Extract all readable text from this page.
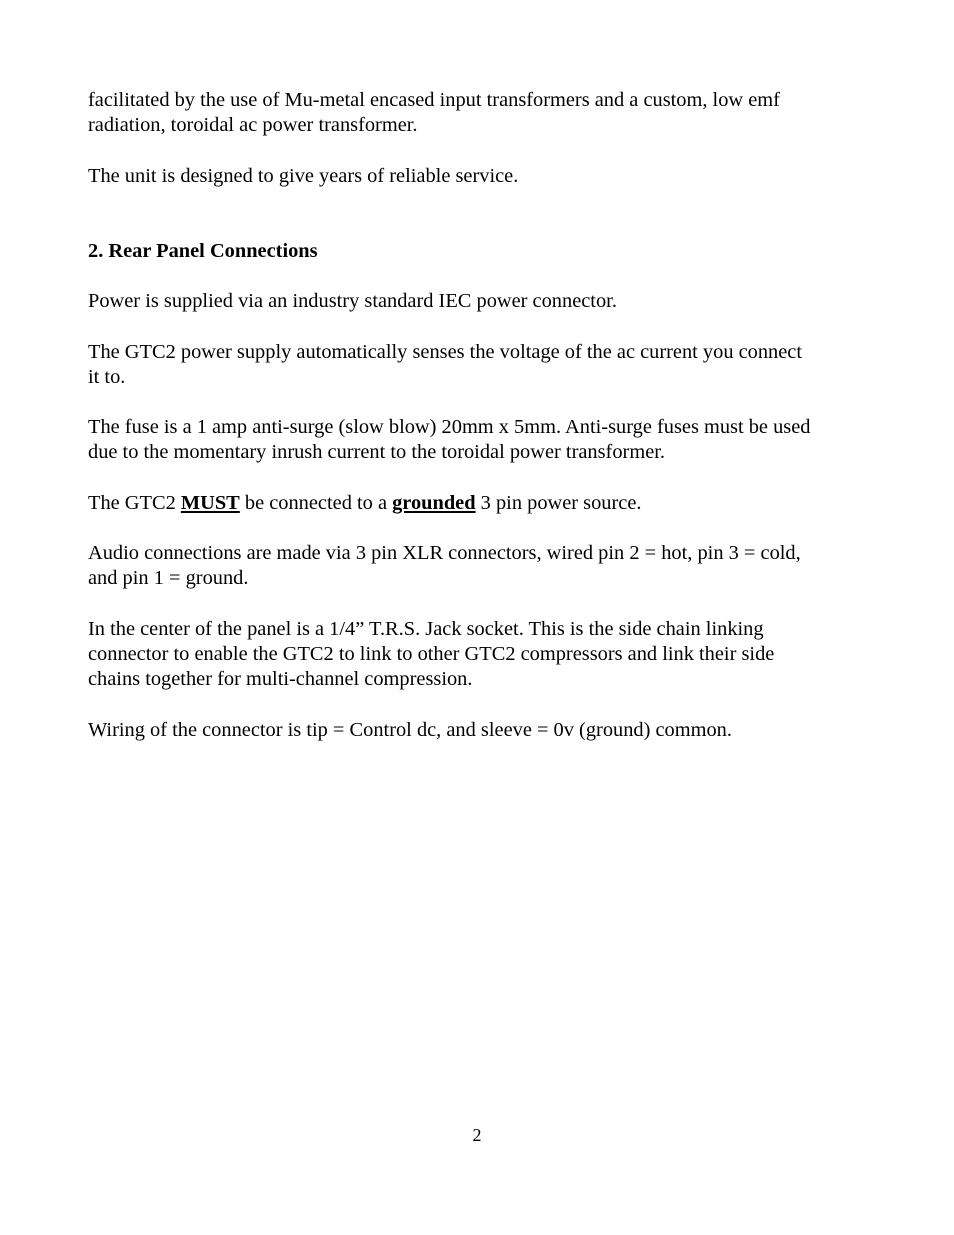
facilitated by the use of Mu-metal encased input transformers and a custom, low emf
radiation, toroidal ac power transformer.

The unit is designed to give years of reliable service.

2. Rear Panel Connections

Power is supplied via an industry standard IEC power connector.

The GTC2 power supply automatically senses the voltage of the ac current you connect
it to.

The fuse is a 1 amp anti-surge (slow blow) 20mm x 5mm. Anti-surge fuses must be used
due to the momentary inrush current to the toroidal power transformer.

The GTC2 MUST be connected to a grounded 3 pin power source.

Audio connections are made via 3 pin XLR connectors, wired pin 2 = hot, pin 3 = cold,
and pin 1 = ground.

In the center of the panel is a 1/4” T.R.S. Jack socket. This is the side chain linking
connector to enable the GTC2 to link to other GTC2 compressors and link their side
chains together for multi-channel compression.

Wiring of the connector is tip = Control dc, and sleeve = 0v (ground) common.

2
